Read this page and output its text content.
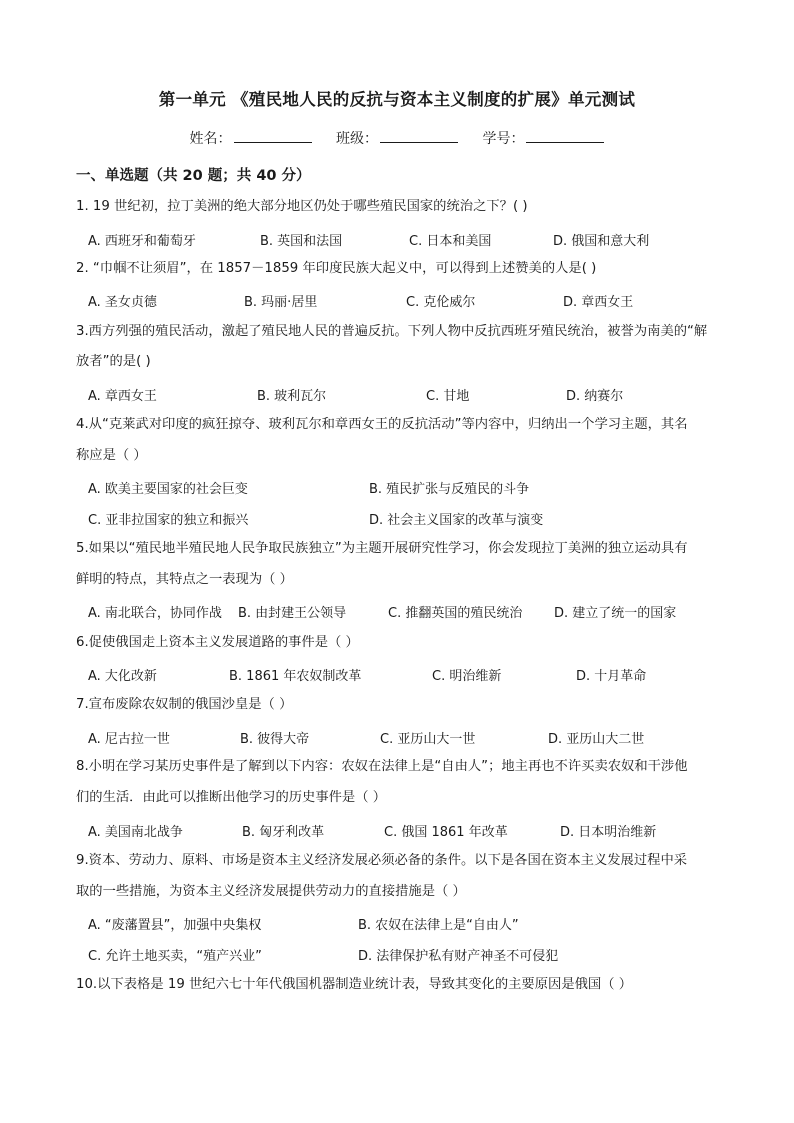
第一单元 《殖民地人民的反抗与资本主义制度的扩展》单元测试
姓名：	班级：	学号：
一、单选题（共 20 题；共 40 分）
1. 19 世纪初，拉丁美洲的绝大部分地区仍处于哪些殖民国家的统治之下？( )
A. 西班牙和葡萄牙	B. 英国和法国	C. 日本和美国	D. 俄国和意大利
2. “巾帼不让须眉”，在 1857－1859 年印度民族大起义中，可以得到上述赞美的人是( )
A. 圣女贞德	B. 玛丽·居里	C. 克伦威尔	D. 章西女王
3.西方列强的殖民活动，激起了殖民地人民的普遍反抗。下列人物中反抗西班牙殖民统治，被誉为南美的“解
放者”的是( )
A. 章西女王	B. 玻利瓦尔	C. 甘地	D. 纳赛尔
4.从“克莱武对印度的疯狂掠夺、玻利瓦尔和章西女王的反抗活动”等内容中，归纳出一个学习主题，其名
称应是（ ）
A. 欧美主要国家的社会巨变	B. 殖民扩张与反殖民的斗争
C. 亚非拉国家的独立和振兴	D. 社会主义国家的改革与演变
5.如果以“殖民地半殖民地人民争取民族独立”为主题开展研究性学习，你会发现拉丁美洲的独立运动具有
鲜明的特点，其特点之一表现为（ ）
A. 南北联合，协同作战 B. 由封建王公领导	C. 推翻英国的殖民统治 D. 建立了统一的国家
6.促使俄国走上资本主义发展道路的事件是（ ）
A. 大化改新	B. 1861 年农奴制改革	C. 明治维新	D. 十月革命
7.宣布废除农奴制的俄国沙皇是（ ）
A. 尼古拉一世	B. 彼得大帝	C. 亚历山大一世	D. 亚历山大二世
8.小明在学习某历史事件是了解到以下内容：农奴在法律上是“自由人”；地主再也不许买卖农奴和干涉他
们的生活．由此可以推断出他学习的历史事件是（ ）
A. 美国南北战争	B. 匈牙利改革	C. 俄国 1861 年改革	D. 日本明治维新
9.资本、劳动力、原料、市场是资本主义经济发展必须必备的条件。以下是各国在资本主义发展过程中采
取的一些措施，为资本主义经济发展提供劳动力的直接措施是（ ）
A. “废藩置县”，加强中央集权	B. 农奴在法律上是“自由人”
C. 允许土地买卖，“殖产兴业”	D. 法律保护私有财产神圣不可侵犯
10.以下表格是 19 世纪六七十年代俄国机器制造业统计表，导致其变化的主要原因是俄国（ ）
